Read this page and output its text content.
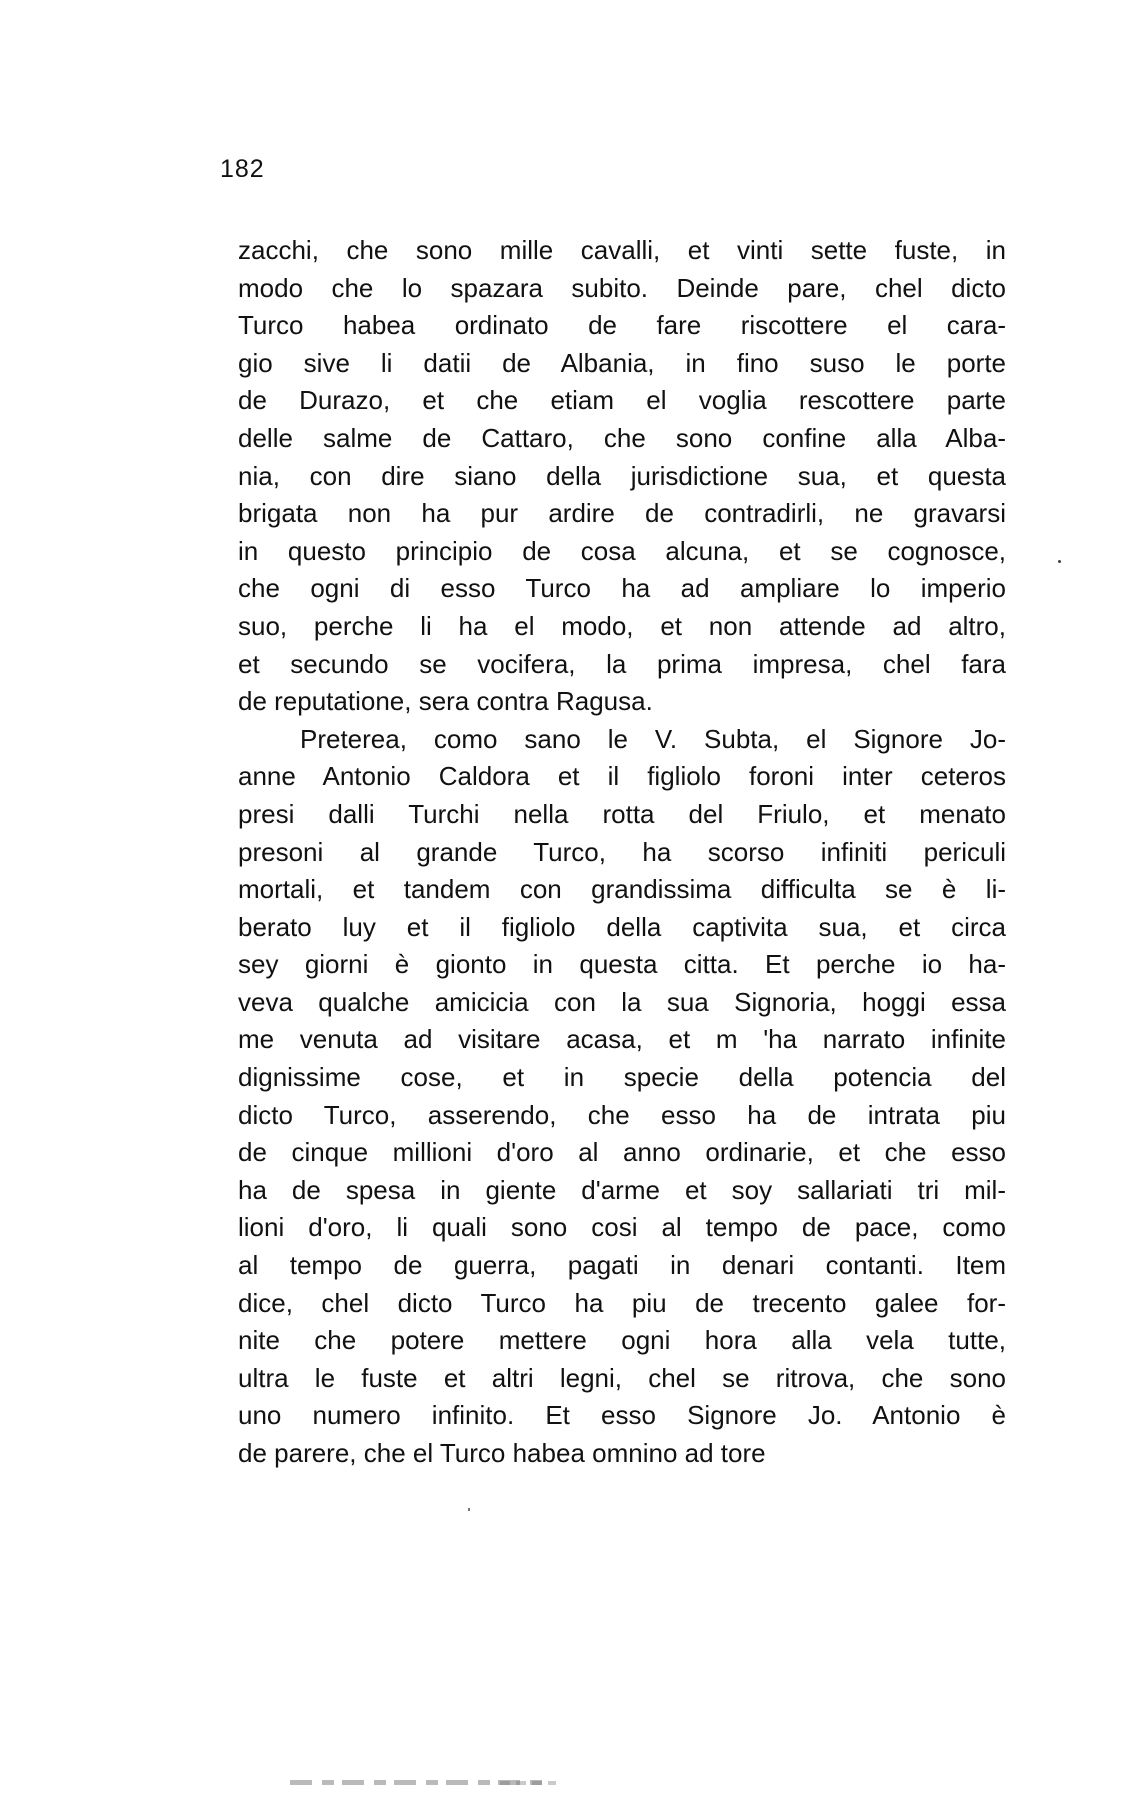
182
zacchi, che sono mille cavalli, et vinti sette fuste, in
modo che lo spazara subito. Deinde pare, chel dicto
Turco habea ordinato de fare riscottere el cara-
gio sive li datii de Albania, in fino suso le porte
de Durazo, et che etiam el voglia rescottere parte
delle salme de Cattaro, che sono confine alla Alba-
nia, con dire siano della jurisdictione sua, et questa
brigata non ha pur ardire de contradirli, ne gravarsi
in questo principio de cosa alcuna, et se cognosce,
che ogni di esso Turco ha ad ampliare lo imperio
suo, perche li ha el modo, et non attende ad altro,
et secundo se vocifera, la prima impresa, chel fara
de reputatione, sera contra Ragusa.
Preterea, como sano le V. Subta, el Signore Jo-
anne Antonio Caldora et il figliolo foroni inter ceteros
presi dalli Turchi nella rotta del Friulo, et menato
presoni al grande Turco, ha scorso infiniti periculi
mortali, et tandem con grandissima difficulta se è li-
berato luy et il figliolo della captivita sua, et circa
sey giorni è gionto in questa citta. Et perche io ha-
veva qualche amicicia con la sua Signoria, hoggi essa
me venuta ad visitare acasa, et m 'ha narrato infinite
dignissime cose, et in specie della potencia del
dicto Turco, asserendo, che esso ha de intrata piu
de cinque millioni d'oro al anno ordinarie, et che esso
ha de spesa in giente d'arme et soy sallariati tri mil-
lioni d'oro, li quali sono cosi al tempo de pace, como
al tempo de guerra, pagati in denari contanti. Item
dice, chel dicto Turco ha piu de trecento galee for-
nite che potere mettere ogni hora alla vela tutte,
ultra le fuste et altri legni, chel se ritrova, che sono
uno numero infinito. Et esso Signore Jo. Antonio è
de parere, che el Turco habea omnino ad tore
